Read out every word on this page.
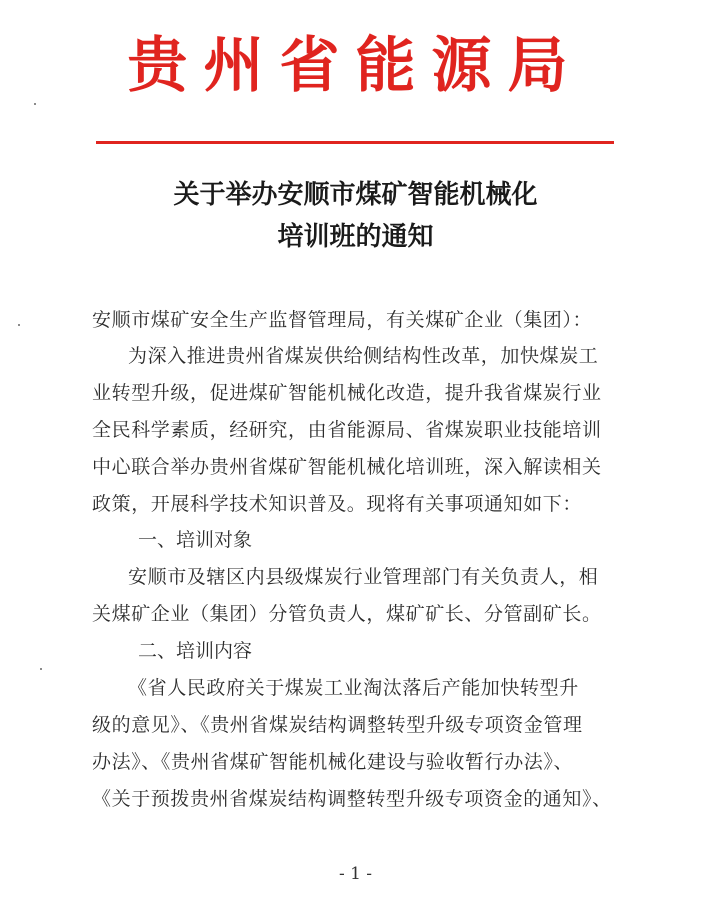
贵州省能源局
关于举办安顺市煤矿智能机械化
培训班的通知
安顺市煤矿安全生产监督管理局，有关煤矿企业（集团）：
为深入推进贵州省煤炭供给侧结构性改革，加快煤炭工
业转型升级，促进煤矿智能机械化改造，提升我省煤炭行业
全民科学素质，经研究，由省能源局、省煤炭职业技能培训
中心联合举办贵州省煤矿智能机械化培训班，深入解读相关
政策，开展科学技术知识普及。现将有关事项通知如下：
一、培训对象
安顺市及辖区内县级煤炭行业管理部门有关负责人，相
关煤矿企业（集团）分管负责人，煤矿矿长、分管副矿长。
二、培训内容
《省人民政府关于煤炭工业淘汰落后产能加快转型升
级的意见》、《贵州省煤炭结构调整转型升级专项资金管理
办法》、《贵州省煤矿智能机械化建设与验收暂行办法》、
《关于预拨贵州省煤炭结构调整转型升级专项资金的通知》、
- 1 -
